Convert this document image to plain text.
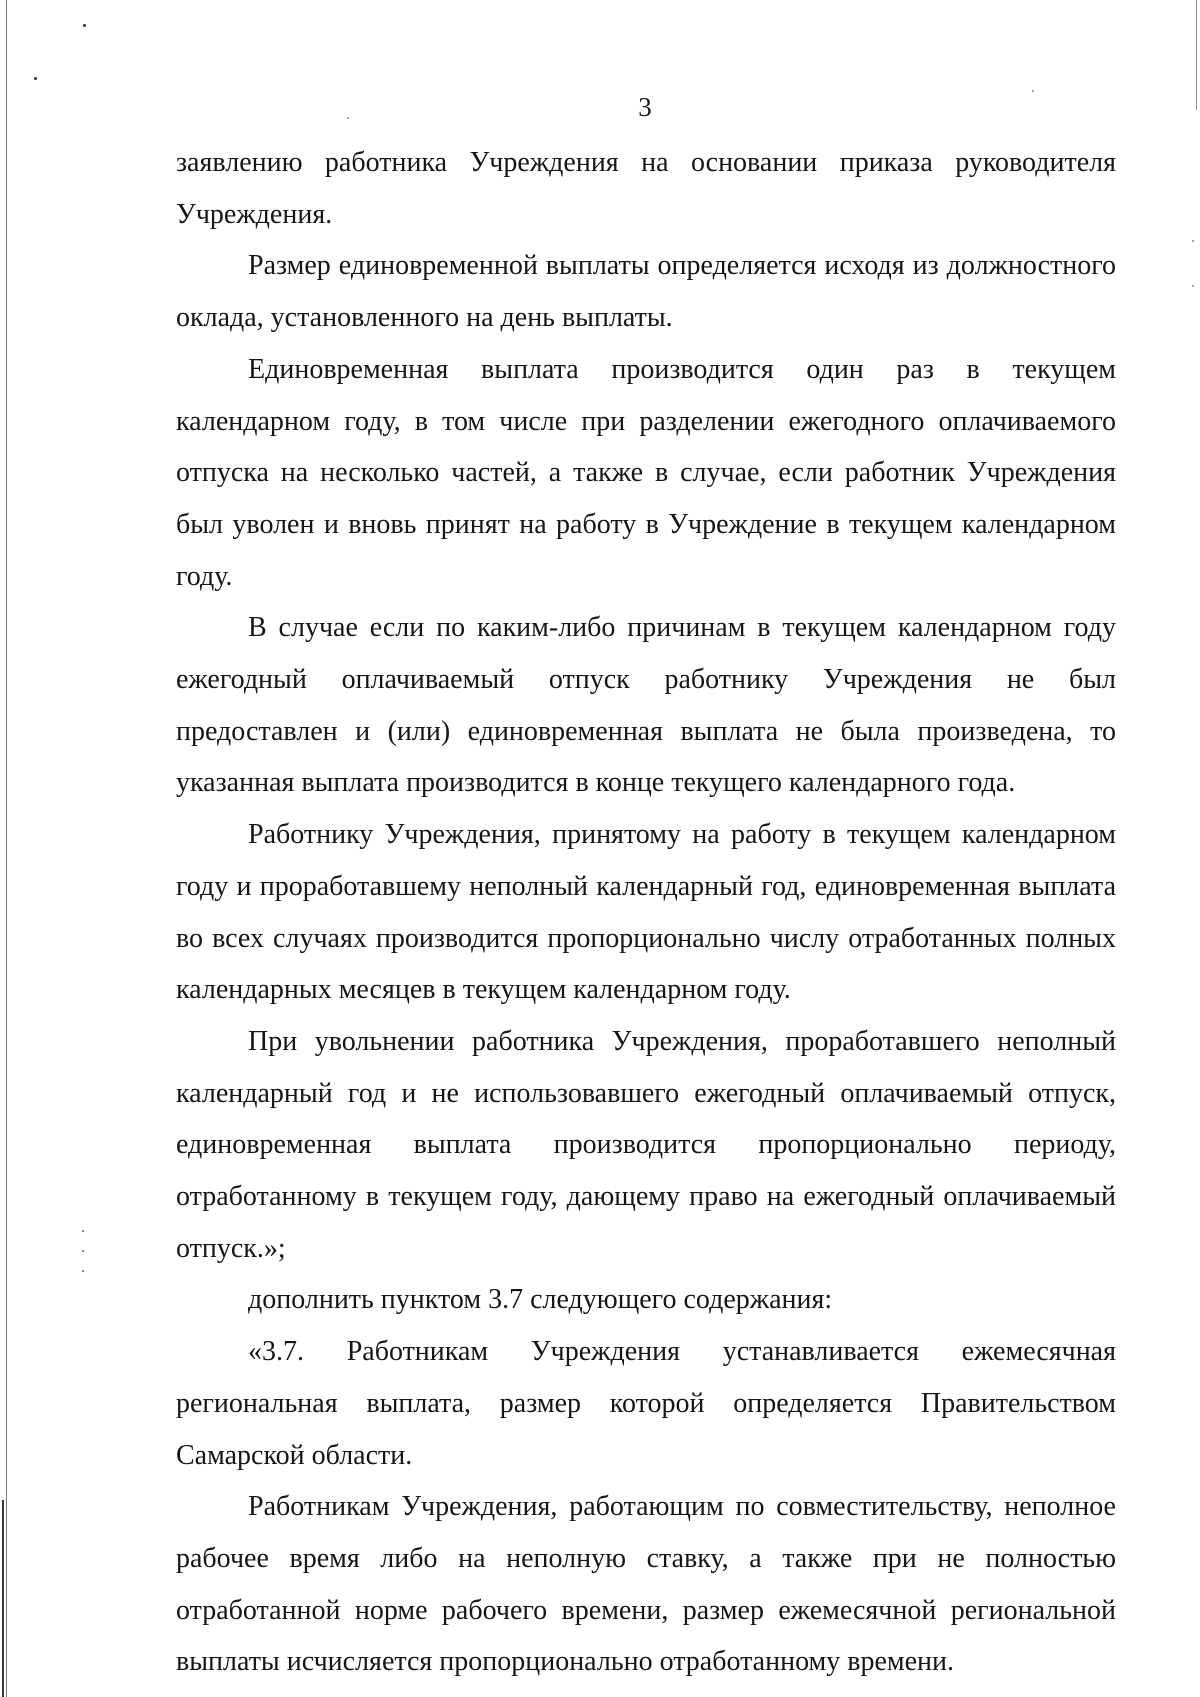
3

заявлению работника Учреждения на основании приказа руководителя Учреждения.

Размер единовременной выплаты определяется исходя из должностного оклада, установленного на день выплаты.

Единовременная выплата производится один раз в текущем календарном году, в том числе при разделении ежегодного оплачиваемого отпуска на несколько частей, а также в случае, если работник Учреждения был уволен и вновь принят на работу в Учреждение в текущем календарном году.

В случае если по каким-либо причинам в текущем календарном году ежегодный оплачиваемый отпуск работнику Учреждения не был предоставлен и (или) единовременная выплата не была произведена, то указанная выплата производится в конце текущего календарного года.

Работнику Учреждения, принятому на работу в текущем календарном году и проработавшему неполный календарный год, единовременная выплата во всех случаях производится пропорционально числу отработанных полных календарных месяцев в текущем календарном году.

При увольнении работника Учреждения, проработавшего неполный календарный год и не использовавшего ежегодный оплачиваемый отпуск, единовременная выплата производится пропорционально периоду, отработанному в текущем году, дающему право на ежегодный оплачиваемый отпуск.»;

дополнить пунктом 3.7 следующего содержания:

«3.7. Работникам Учреждения устанавливается ежемесячная региональная выплата, размер которой определяется Правительством Самарской области.

Работникам Учреждения, работающим по совместительству, неполное рабочее время либо на неполную ставку, а также при не полностью отработанной норме рабочего времени, размер ежемесячной региональной выплаты исчисляется пропорционально отработанному времени.
